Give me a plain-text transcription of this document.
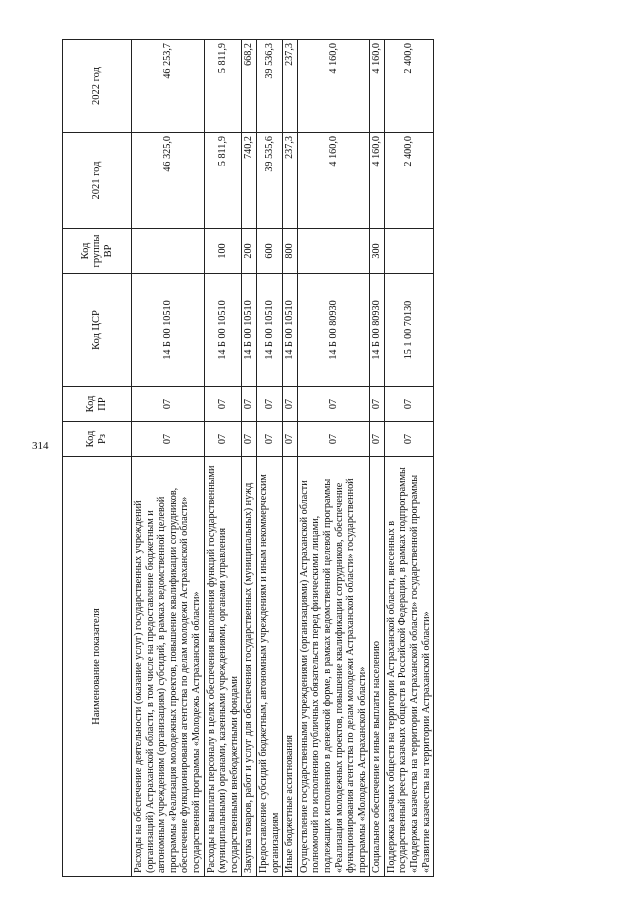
314
Наименование показателя	Код Рз	Код ПР	Код ЦСР	Код группы ВР	2021 год	2022 год
Расходы на обеспечение деятельности (оказание услуг) государственных учреждений (организаций) Астраханской области, в том числе на предоставление бюджетным и автономным учреждениям (организациям) субсидий, в рамках ведомственной целевой программы «Реализация молодежных проектов, повышение квалификации сотрудников, обеспечение функционирования агентства по делам молодежи Астраханской области» государственной программы «Молодежь Астраханской области»	07	07	14 Б 00 10510		46 325,0	46 253,7
Расходы на выплаты персоналу в целях обеспечения выполнения функций государственными (муниципальными) органами, казенными учреждениями, органами управления государственными внебюджетными фондами	07	07	14 Б 00 10510	100	5 811,9	5 811,9
Закупка товаров, работ и услуг для обеспечения государственных (муниципальных) нужд	07	07	14 Б 00 10510	200	740,2	668,2
Предоставление субсидий бюджетным, автономным учреждениям и иным некоммерческим организациям	07	07	14 Б 00 10510	600	39 535,6	39 536,3
Иные бюджетные ассигнования	07	07	14 Б 00 10510	800	237,3	237,3
Осуществление государственными учреждениями (организациями) Астраханской области полномочий по исполнению публичных обязательств перед физическими лицами, подлежащих исполнению в денежной форме, в рамках ведомственной целевой программы «Реализация молодежных проектов, повышение квалификации сотрудников, обеспечение функционирования агентства по делам молодежи Астраханской области» государственной программы «Молодежь Астраханской области»	07	07	14 Б 00 80930		4 160,0	4 160,0
Социальное обеспечение и иные выплаты населению	07	07	14 Б 00 80930	300	4 160,0	4 160,0
Поддержка казачьих обществ на территории Астраханской области, внесенных в государственный реестр казачьих обществ в Российской Федерации, в рамках подпрограммы «Поддержка казачества на территории Астраханской области» государственной программы «Развитие казачества на территории Астраханской области»	07	07	15 1 00 70130		2 400,0	2 400,0
